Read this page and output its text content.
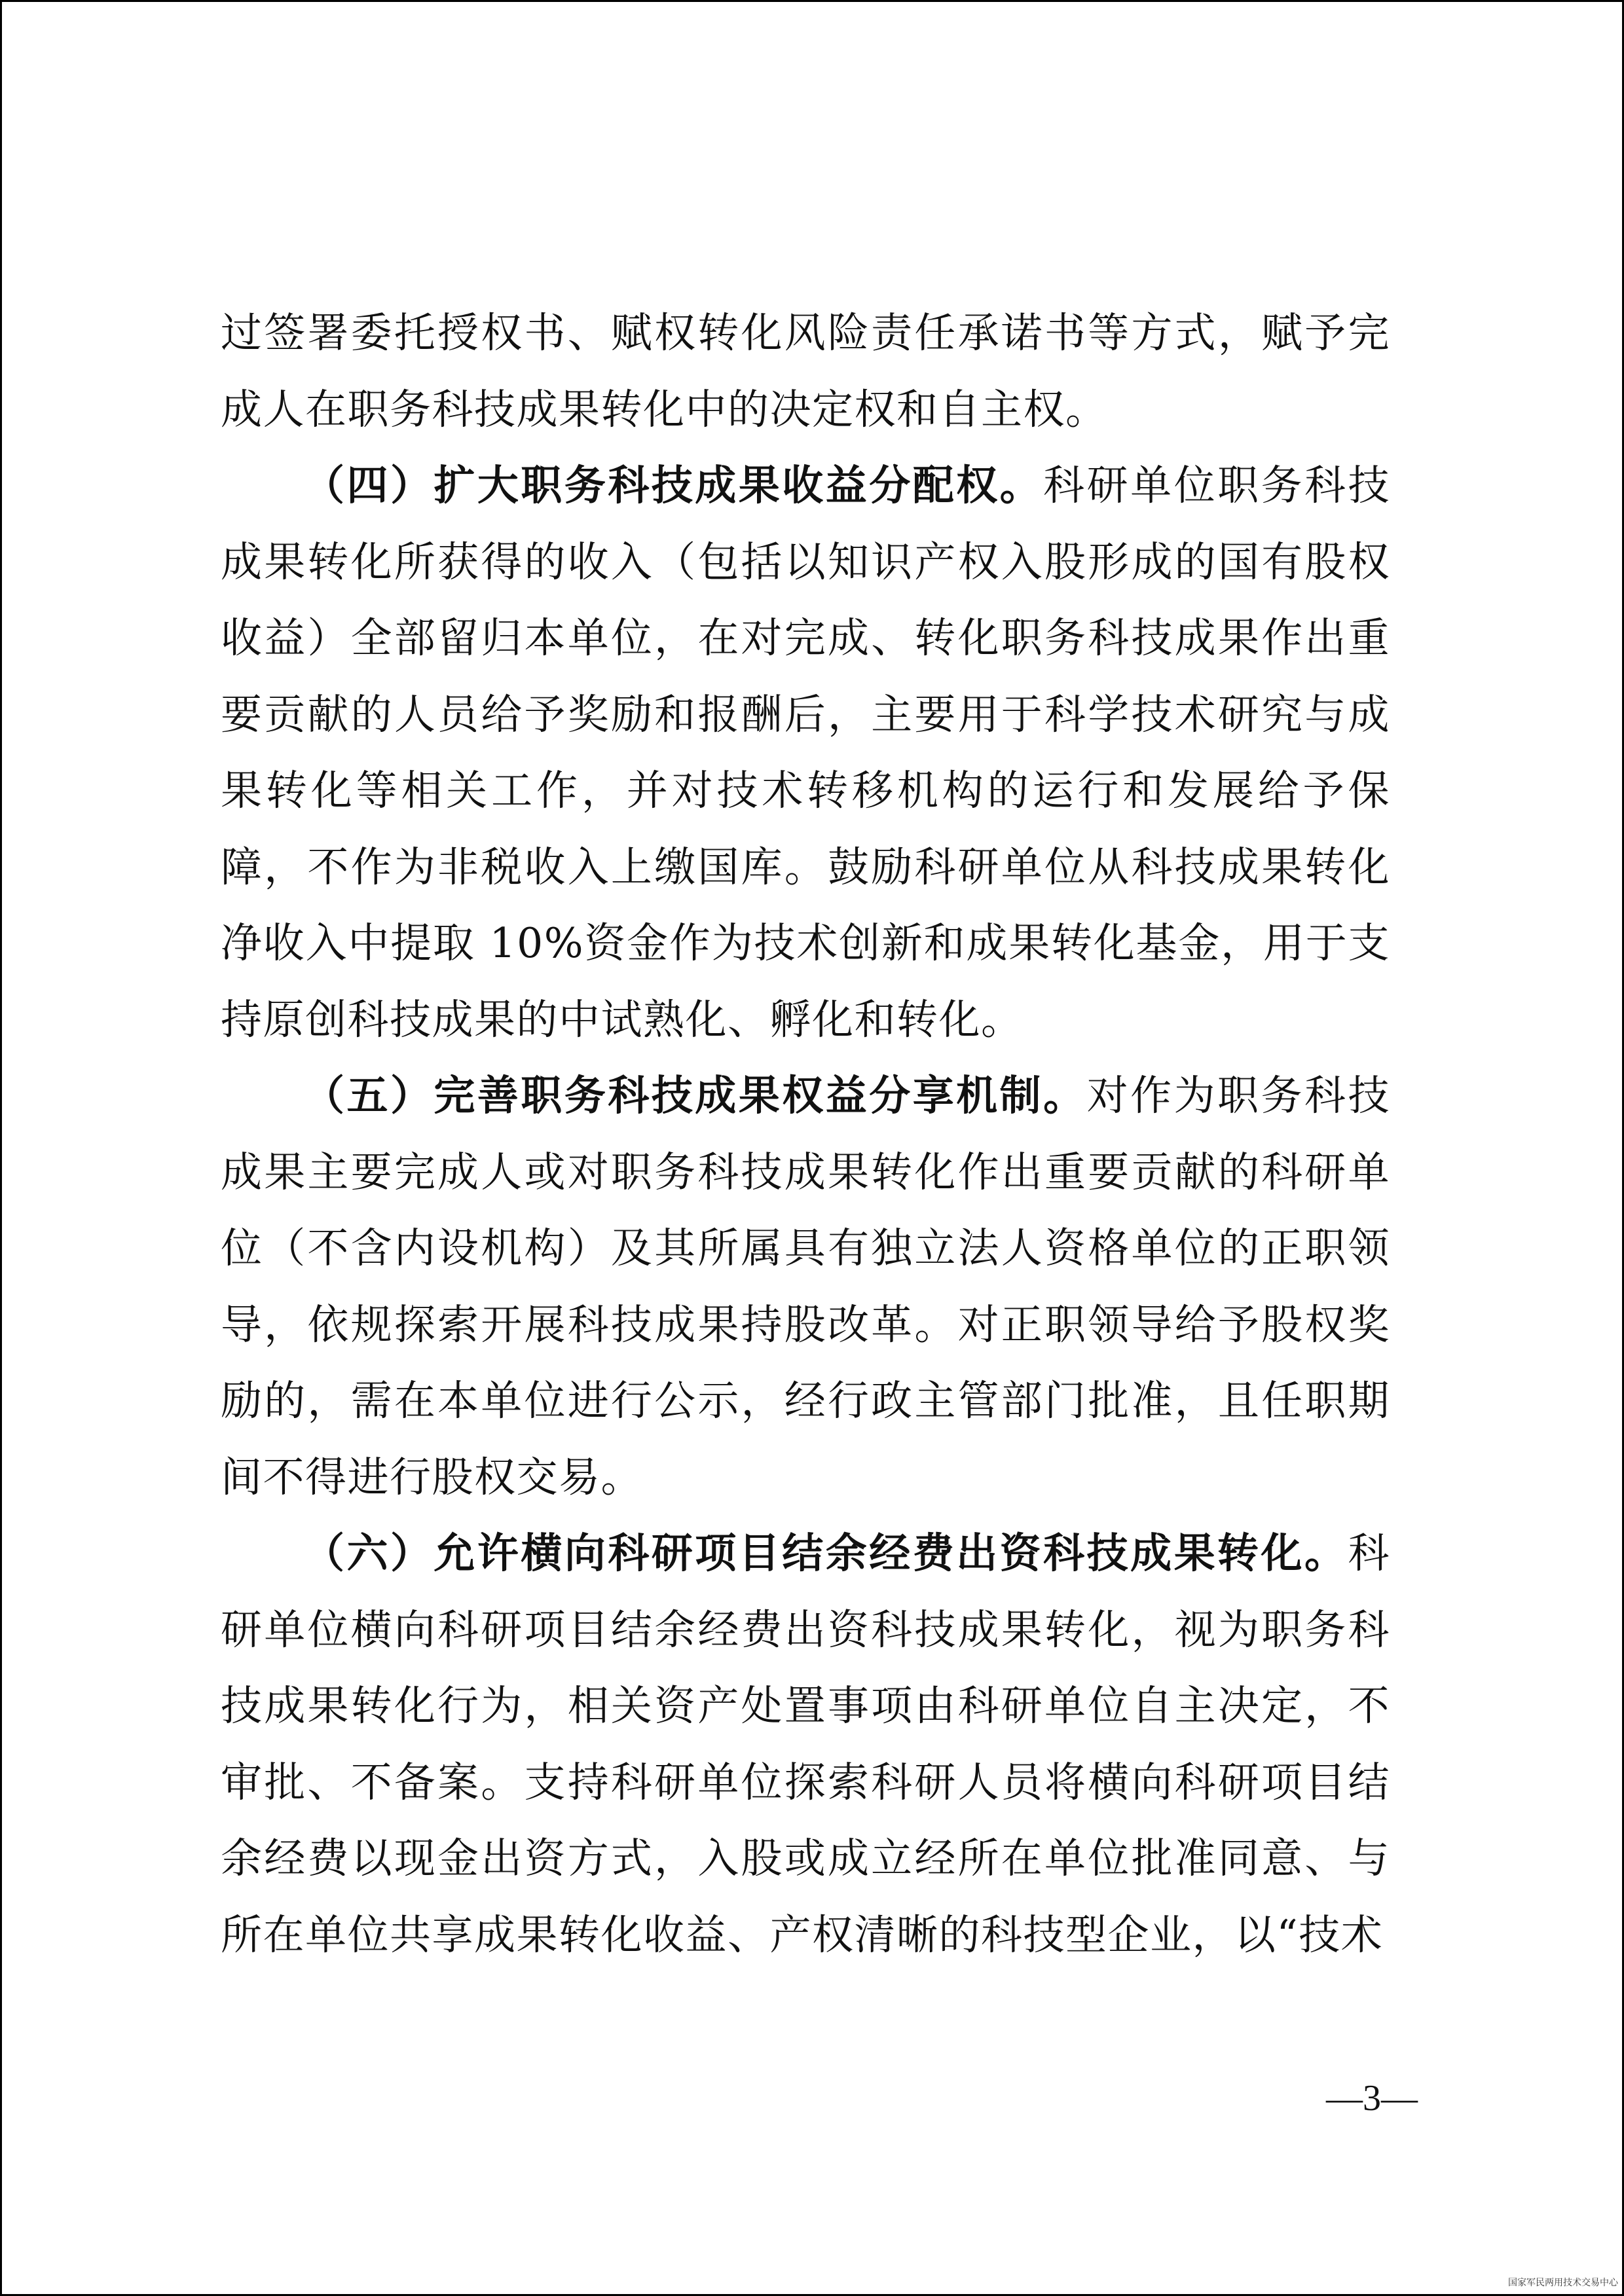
过签署委托授权书、赋权转化风险责任承诺书等方式，赋予完成人在职务科技成果转化中的决定权和自主权。

（四）扩大职务科技成果收益分配权。科研单位职务科技成果转化所获得的收入（包括以知识产权入股形成的国有股权收益）全部留归本单位，在对完成、转化职务科技成果作出重要贡献的人员给予奖励和报酬后，主要用于科学技术研究与成果转化等相关工作，并对技术转移机构的运行和发展给予保障，不作为非税收入上缴国库。鼓励科研单位从科技成果转化净收入中提取 10%资金作为技术创新和成果转化基金，用于支持原创科技成果的中试熟化、孵化和转化。

（五）完善职务科技成果权益分享机制。对作为职务科技成果主要完成人或对职务科技成果转化作出重要贡献的科研单位（不含内设机构）及其所属具有独立法人资格单位的正职领导，依规探索开展科技成果持股改革。对正职领导给予股权奖励的，需在本单位进行公示，经行政主管部门批准，且任职期间不得进行股权交易。

（六）允许横向科研项目结余经费出资科技成果转化。科研单位横向科研项目结余经费出资科技成果转化，视为职务科技成果转化行为，相关资产处置事项由科研单位自主决定，不审批、不备案。支持科研单位探索科研人员将横向科研项目结余经费以现金出资方式，入股或成立经所在单位批准同意、与所在单位共享成果转化收益、产权清晰的科技型企业，以“技术

—3—
国家军民两用技术交易中心
